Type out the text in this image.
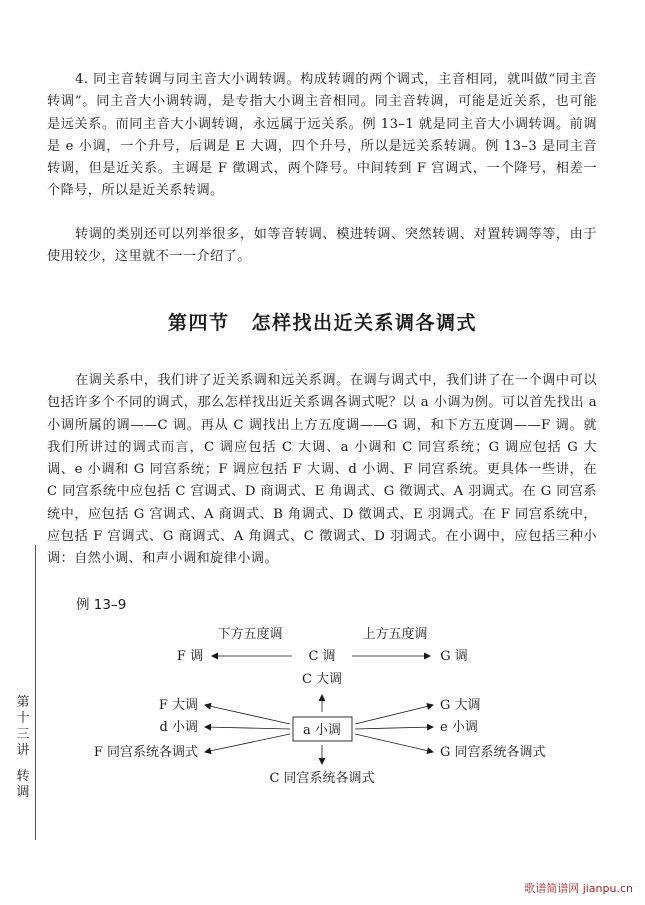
4. 同主音转调与同主音大小调转调。构成转调的两个调式，主音相同，就叫做“同主音转调”。同主音大小调转调，是专指大小调主音相同。同主音转调，可能是近关系，也可能是远关系。而同主音大小调转调，永远属于远关系。例 13–1 就是同主音大小调转调。前调是 e 小调，一个升号，后调是 E 大调，四个升号，所以是远关系转调。例 13–3 是同主音转调，但是近关系。主调是 F 徵调式，两个降号。中间转到 F 宫调式，一个降号，相差一个降号，所以是近关系转调。

转调的类别还可以列举很多，如等音转调、模进转调、突然转调、对置转调等等，由于使用较少，这里就不一一介绍了。

第四节 怎样找出近关系调各调式

在调关系中，我们讲了近关系调和远关系调。在调与调式中，我们讲了在一个调中可以包括许多个不同的调式，那么怎样找出近关系调各调式呢？以 a 小调为例。可以首先找出 a 小调所属的调——C 调。再从 C 调找出上方五度调——G 调，和下方五度调——F 调。就我们所讲过的调式而言，C 调应包括 C 大调、a 小调和 C 同宫系统；G 调应包括 G 大调、e 小调和 G 同宫系统；F 调应包括 F 大调、d 小调、F 同宫系统。更具体一些讲，在 C 同宫系统中应包括 C 宫调式、D 商调式、E 角调式、G 徵调式、A 羽调式。在 G 同宫系统中，应包括 G 宫调式、A 商调式、B 角调式、D 徵调式、E 羽调式。在 F 同宫系统中，应包括 F 宫调式、G 商调式、A 角调式、C 徵调式、D 羽调式。在小调中，应包括三种小调：自然小调、和声小调和旋律小调。

例 13–9
下方五度调	上方五度调
F 调	C 调	G 调
C 大调
a 小调
C 同宫系统各调式
F 大调
d 小调
F 同宫系统各调式
G 大调
e 小调
G 同宫系统各调式
第十三讲
转调
歌谱简谱网 jianpu.cn
